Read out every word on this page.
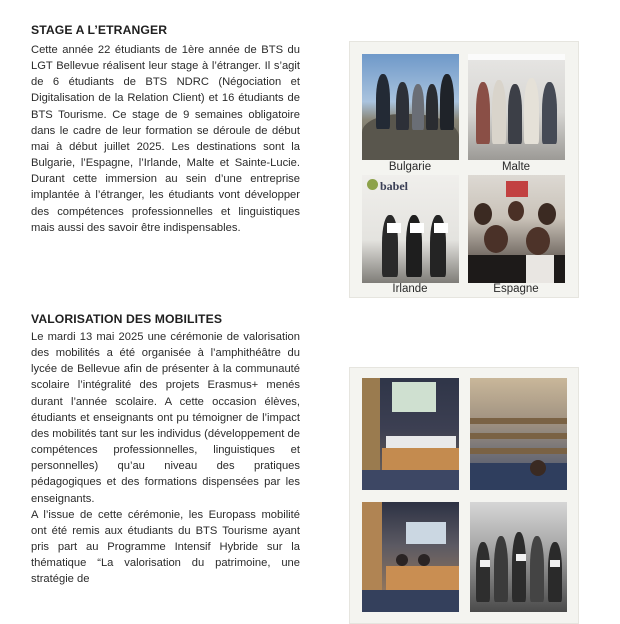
STAGE A L’ETRANGER

Cette année 22 étudiants de 1ère année de BTS du LGT Bellevue réalisent leur stage à l’étranger. Il s’agit de 6 étudiants de BTS NDRC (Négociation et Digitalisation de la Relation Client) et 16 étudiants de BTS Tourisme. Ce stage de 9 semaines obligatoire dans le cadre de leur formation se déroule de début mai à début juillet 2025. Les destinations sont la Bulgarie, l’Espagne, l’Irlande, Malte et Sainte-Lucie. Durant cette immersion au sein d’une entreprise implantée à l’étranger, les étudiants vont développer des compétences professionnelles et linguistiques mais aussi des savoir être indispensables.

VALORISATION DES MOBILITES

Le mardi 13 mai 2025 une cérémonie de valorisation des mobilités a été organisée à l’amphithéâtre du lycée de Bellevue afin de présenter à la communauté scolaire l’intégralité des projets Erasmus+ menés durant l’année scolaire. A cette occasion élèves, étudiants et enseignants ont pu témoigner de l’impact des mobilités tant sur les individus (développement de compétences professionnelles, linguistiques et personnelles) qu’au niveau des pratiques pédagogiques et des formations dispensées par les enseignants.

A l’issue de cette cérémonie, les Europass mobilité ont été remis aux étudiants du BTS Tourisme ayant pris part au Programme Intensif Hybride sur la thématique “La valorisation du patrimoine, une stratégie de

Bulgarie	Malte
babel
Irlande	Espagne
